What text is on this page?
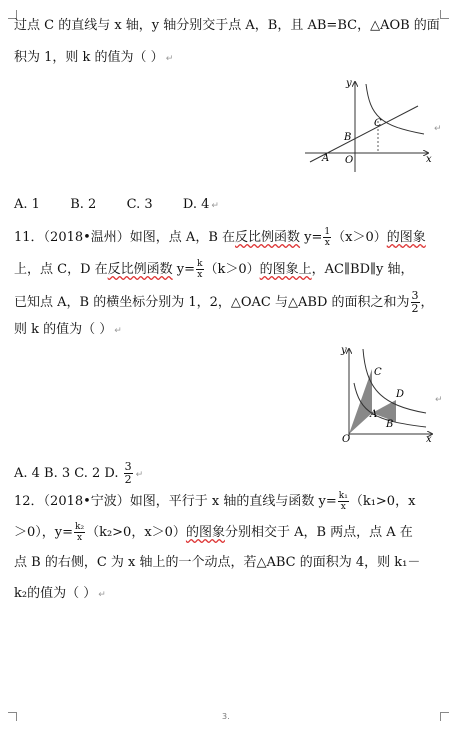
过点 C 的直线与 x 轴，y 轴分别交于点 A，B，且 AB=BC，△AOB 的面
积为 1，则 k 的值为（ ） ↵
y
x
O
A
B
C	↵
A. 1 B. 2 C. 3 D. 4 ↵
11．（2018•温州）如图，点 A，B 在反比例函数 $y= \frac{1}{x} (x>0)$的图象
上，点 C，D 在反比例函数 $y= \frac{k}{x} (k>0)$的图象上，AC∥BD∥y 轴，
已知点 A，B 的横坐标分别为 1，2，△OAC 与△ABD 的面积之和为 $\frac{3}{2}$ ，
则 k 的值为（ ） ↵
y
x
O
C
A
D
B
↵
A. 4 B. 3 C. 2 D. $\frac{3}{2}$ ↵
12．（2018•宁波）如图，平行于 x 轴的直线与函数 $y= \frac{\text{k₁}}{x} (k_1>0$，x
＞0），$y= \frac{\text{k₂}}{x} (k_2>0$，x＞0）的图象分别相交于 A，B 两点，点 A 在
点 B 的右侧，C 为 x 轴上的一个动点，若△ABC 的面积为 4，则 k₁－
k₂的值为（ ） ↵
3.
